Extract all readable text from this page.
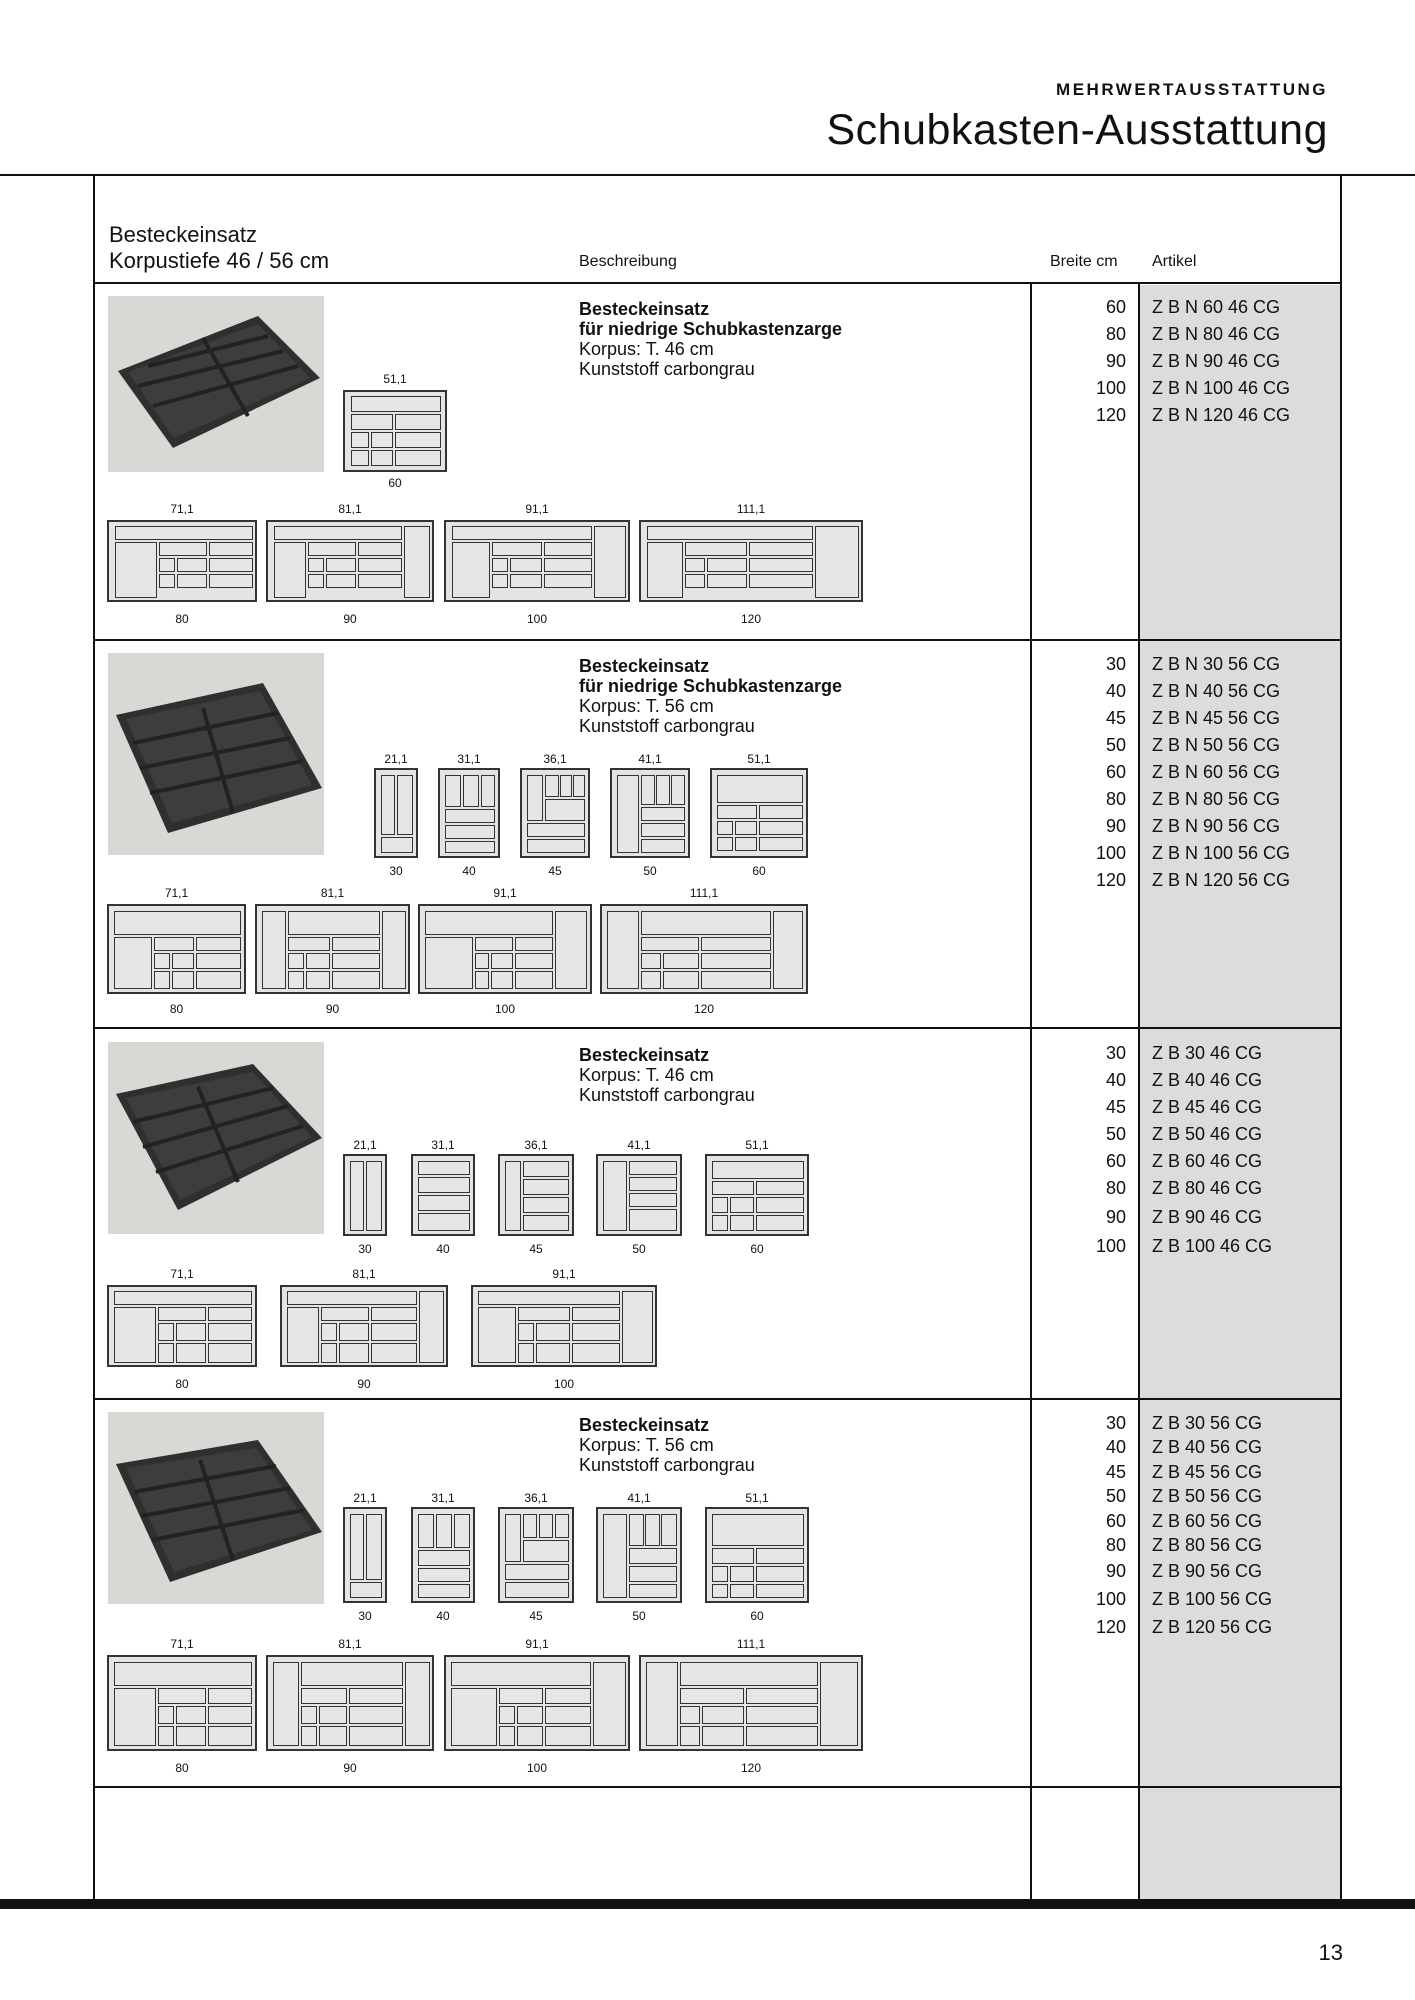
MEHRWERTAUSSTATTUNG
Schubkasten-Ausstattung
Besteckeinsatz
Korpustiefe 46 / 56 cm	Beschreibung	Breite cm Artikel
Besteckeinsatz
für niedrige Schubkastenzarge
Korpus: T. 46 cm
Kunststoff carbongrau
60
80
90
100
120
Z B N 60 46 CG
Z B N 80 46 CG
Z B N 90 46 CG
Z B N 100 46 CG
Z B N 120 46 CG
51,1
60
71,1
80
81,1
90
91,1
100
111,1
120
Besteckeinsatz
für niedrige Schubkastenzarge
Korpus: T. 56 cm
Kunststoff carbongrau
30
40
45
50
60
80
90
100
120
Z B N 30 56 CG
Z B N 40 56 CG
Z B N 45 56 CG
Z B N 50 56 CG
Z B N 60 56 CG
Z B N 80 56 CG
Z B N 90 56 CG
Z B N 100 56 CG
Z B N 120 56 CG
21,1
30
31,1
40
36,1
45
41,1
50
51,1
60
71,1
80
81,1
90
91,1
100
111,1
120
Besteckeinsatz
Korpus: T. 46 cm
Kunststoff carbongrau
30
40
45
50
60
80
90
100
Z B 30 46 CG
Z B 40 46 CG
Z B 45 46 CG
Z B 50 46 CG
Z B 60 46 CG
Z B 80 46 CG
Z B 90 46 CG
Z B 100 46 CG
21,1
30
31,1
40
36,1
45
41,1
50
51,1
60
71,1
80
81,1
90
91,1
100
Besteckeinsatz
Korpus: T. 56 cm
Kunststoff carbongrau
30
40
45
50
60
80
90
100
120
Z B 30 56 CG
Z B 40 56 CG
Z B 45 56 CG
Z B 50 56 CG
Z B 60 56 CG
Z B 80 56 CG
Z B 90 56 CG
Z B 100 56 CG
Z B 120 56 CG
21,1
30
31,1
40
36,1
45
41,1
50
51,1
60
71,1
80
81,1
90
91,1
100
111,1
120
13
